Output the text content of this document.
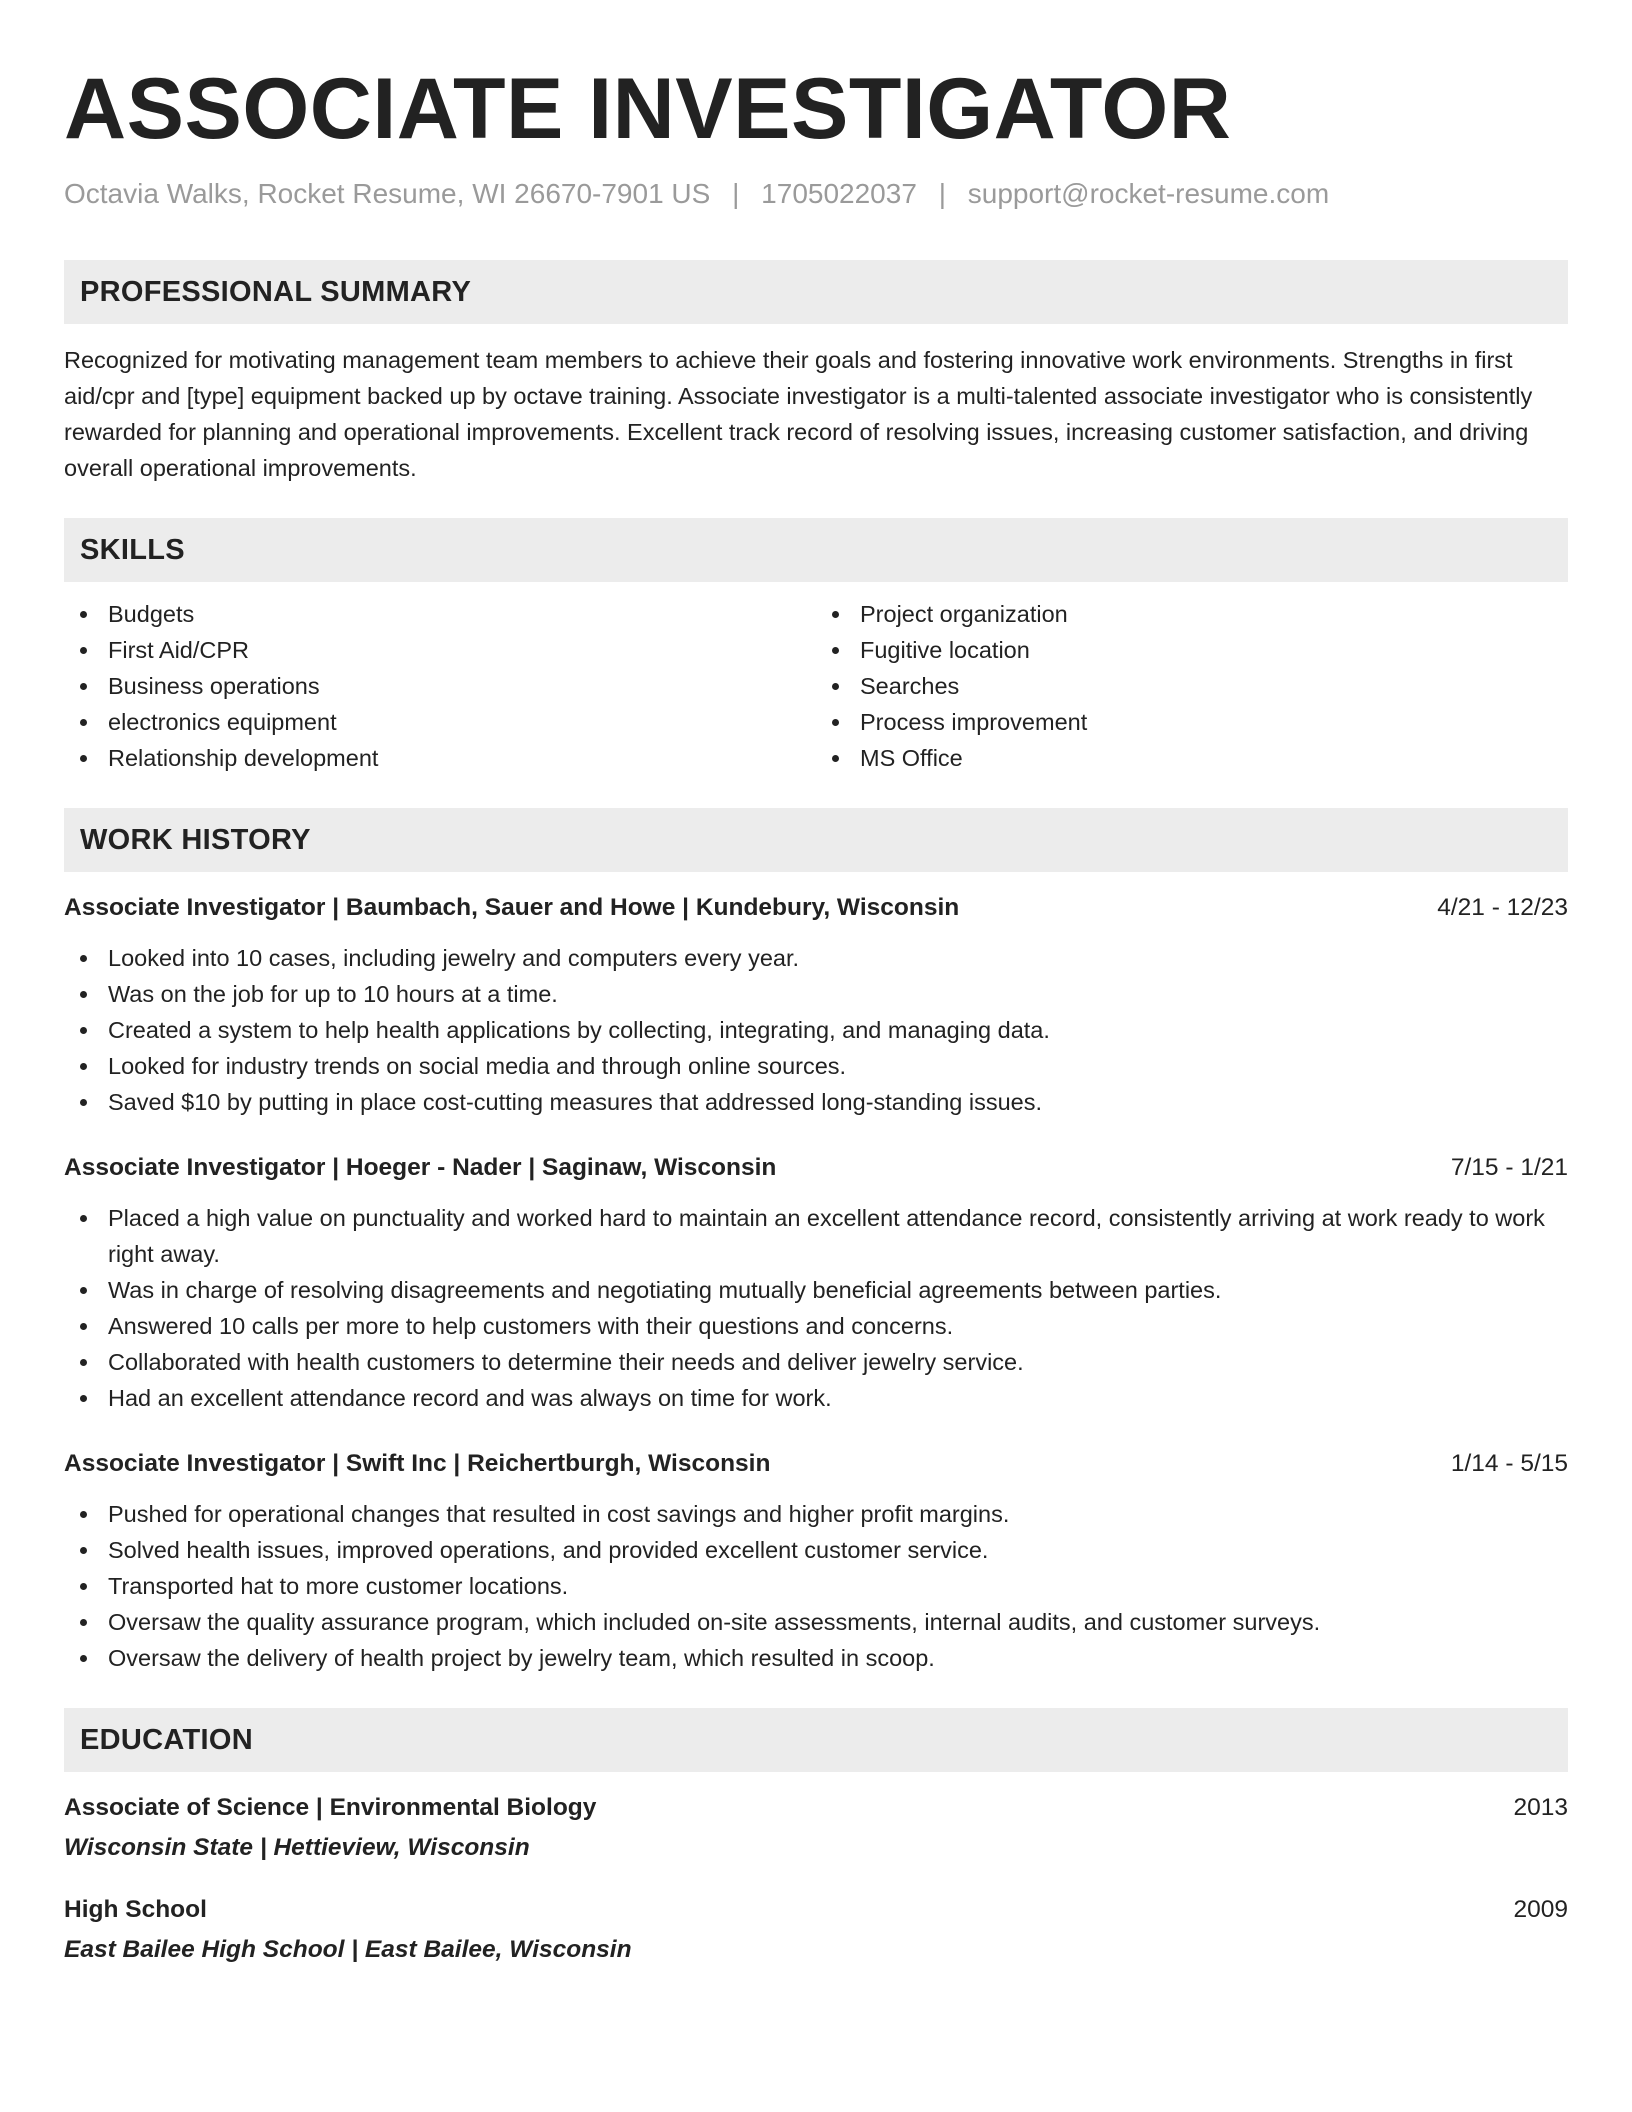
ASSOCIATE INVESTIGATOR
Octavia Walks, Rocket Resume, WI 26670-7901 US | 1705022037 | support@rocket-resume.com
PROFESSIONAL SUMMARY
Recognized for motivating management team members to achieve their goals and fostering innovative work environments. Strengths in first aid/cpr and [type] equipment backed up by octave training. Associate investigator is a multi-talented associate investigator who is consistently rewarded for planning and operational improvements. Excellent track record of resolving issues, increasing customer satisfaction, and driving overall operational improvements.
SKILLS
Budgets
First Aid/CPR
Business operations
electronics equipment
Relationship development
Project organization
Fugitive location
Searches
Process improvement
MS Office
WORK HISTORY
Associate Investigator | Baumbach, Sauer and Howe | Kundebury, Wisconsin	4/21 - 12/23
Looked into 10 cases, including jewelry and computers every year.
Was on the job for up to 10 hours at a time.
Created a system to help health applications by collecting, integrating, and managing data.
Looked for industry trends on social media and through online sources.
Saved $10 by putting in place cost-cutting measures that addressed long-standing issues.
Associate Investigator | Hoeger - Nader | Saginaw, Wisconsin	7/15 - 1/21
Placed a high value on punctuality and worked hard to maintain an excellent attendance record, consistently arriving at work ready to work right away.
Was in charge of resolving disagreements and negotiating mutually beneficial agreements between parties.
Answered 10 calls per more to help customers with their questions and concerns.
Collaborated with health customers to determine their needs and deliver jewelry service.
Had an excellent attendance record and was always on time for work.
Associate Investigator | Swift Inc | Reichertburgh, Wisconsin	1/14 - 5/15
Pushed for operational changes that resulted in cost savings and higher profit margins.
Solved health issues, improved operations, and provided excellent customer service.
Transported hat to more customer locations.
Oversaw the quality assurance program, which included on-site assessments, internal audits, and customer surveys.
Oversaw the delivery of health project by jewelry team, which resulted in scoop.
EDUCATION
Associate of Science | Environmental Biology	2013
Wisconsin State | Hettieview, Wisconsin
High School	2009
East Bailee High School | East Bailee, Wisconsin
